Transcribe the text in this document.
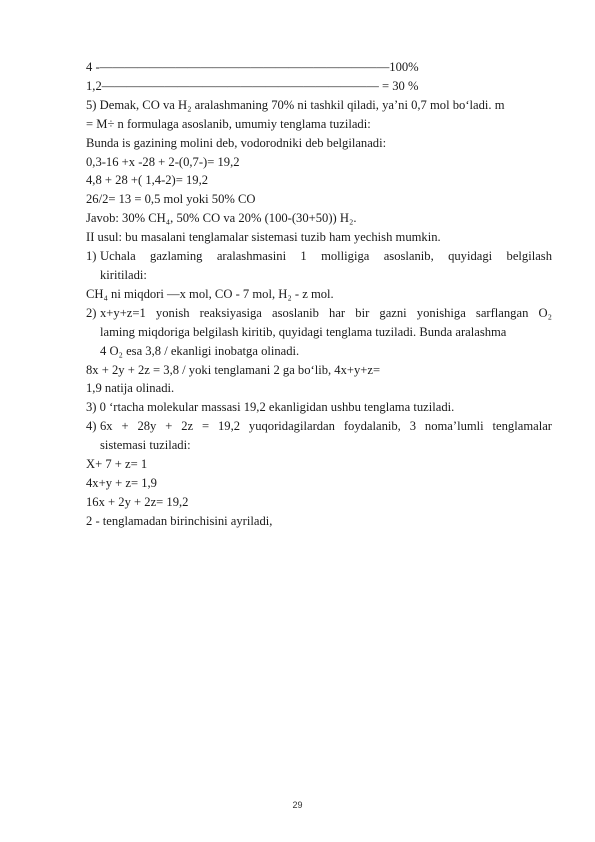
4 -———————————————————————100%
1,2—————————————————————— = 30 %
5) Demak, CO va H₂ aralashmaning 70% ni tashkil qiladi, ya’ni 0,7 mol bo‘ladi. m
= M÷ n formulaga asoslanib, umumiy tenglama tuziladi:
Bunda is gazining molini deb, vodorodniki deb belgilanadi:
0,3-16 +x -28 + 2-(0,7-)= 19,2
4,8 + 28 +( 1,4-2)= 19,2
26/2= 13 = 0,5 mol yoki 50% CO
Javob: 30% CH₄, 50% CO va 20% (100-(30+50)) H₂.
II usul: bu masalani tenglamalar sistemasi tuzib ham yechish mumkin.
1) Uchala gazlaming aralashmasini 1 molligiga asoslanib, quyidagi belgilash
kiritiladi:
CH₄ ni miqdori —x mol, CO - 7 mol, H₂ - z mol.
2) x+y+z=1 yonish reaksiyasiga asoslanib har bir gazni yonishiga sarflangan O₂
laming miqdoriga belgilash kiritib, quyidagi tenglama tuziladi. Bunda aralashma
4 O₂ esa 3,8 / ekanligi inobatga olinadi.
8x + 2y + 2z = 3,8 / yoki tenglamani 2 ga bo‘lib, 4x+y+z=
1,9 natija olinadi.
3) 0 ‘rtacha molekular massasi 19,2 ekanligidan ushbu tenglama tuziladi.
4) 6x + 28y + 2z = 19,2 yuqoridagilardan foydalanib, 3 noma’lumli tenglamalar
sistemasi tuziladi:
X+ 7 + z= 1
4x+y + z= 1,9
16x + 2y + 2z= 19,2
2 - tenglamadan birinchisini ayriladi,
29
